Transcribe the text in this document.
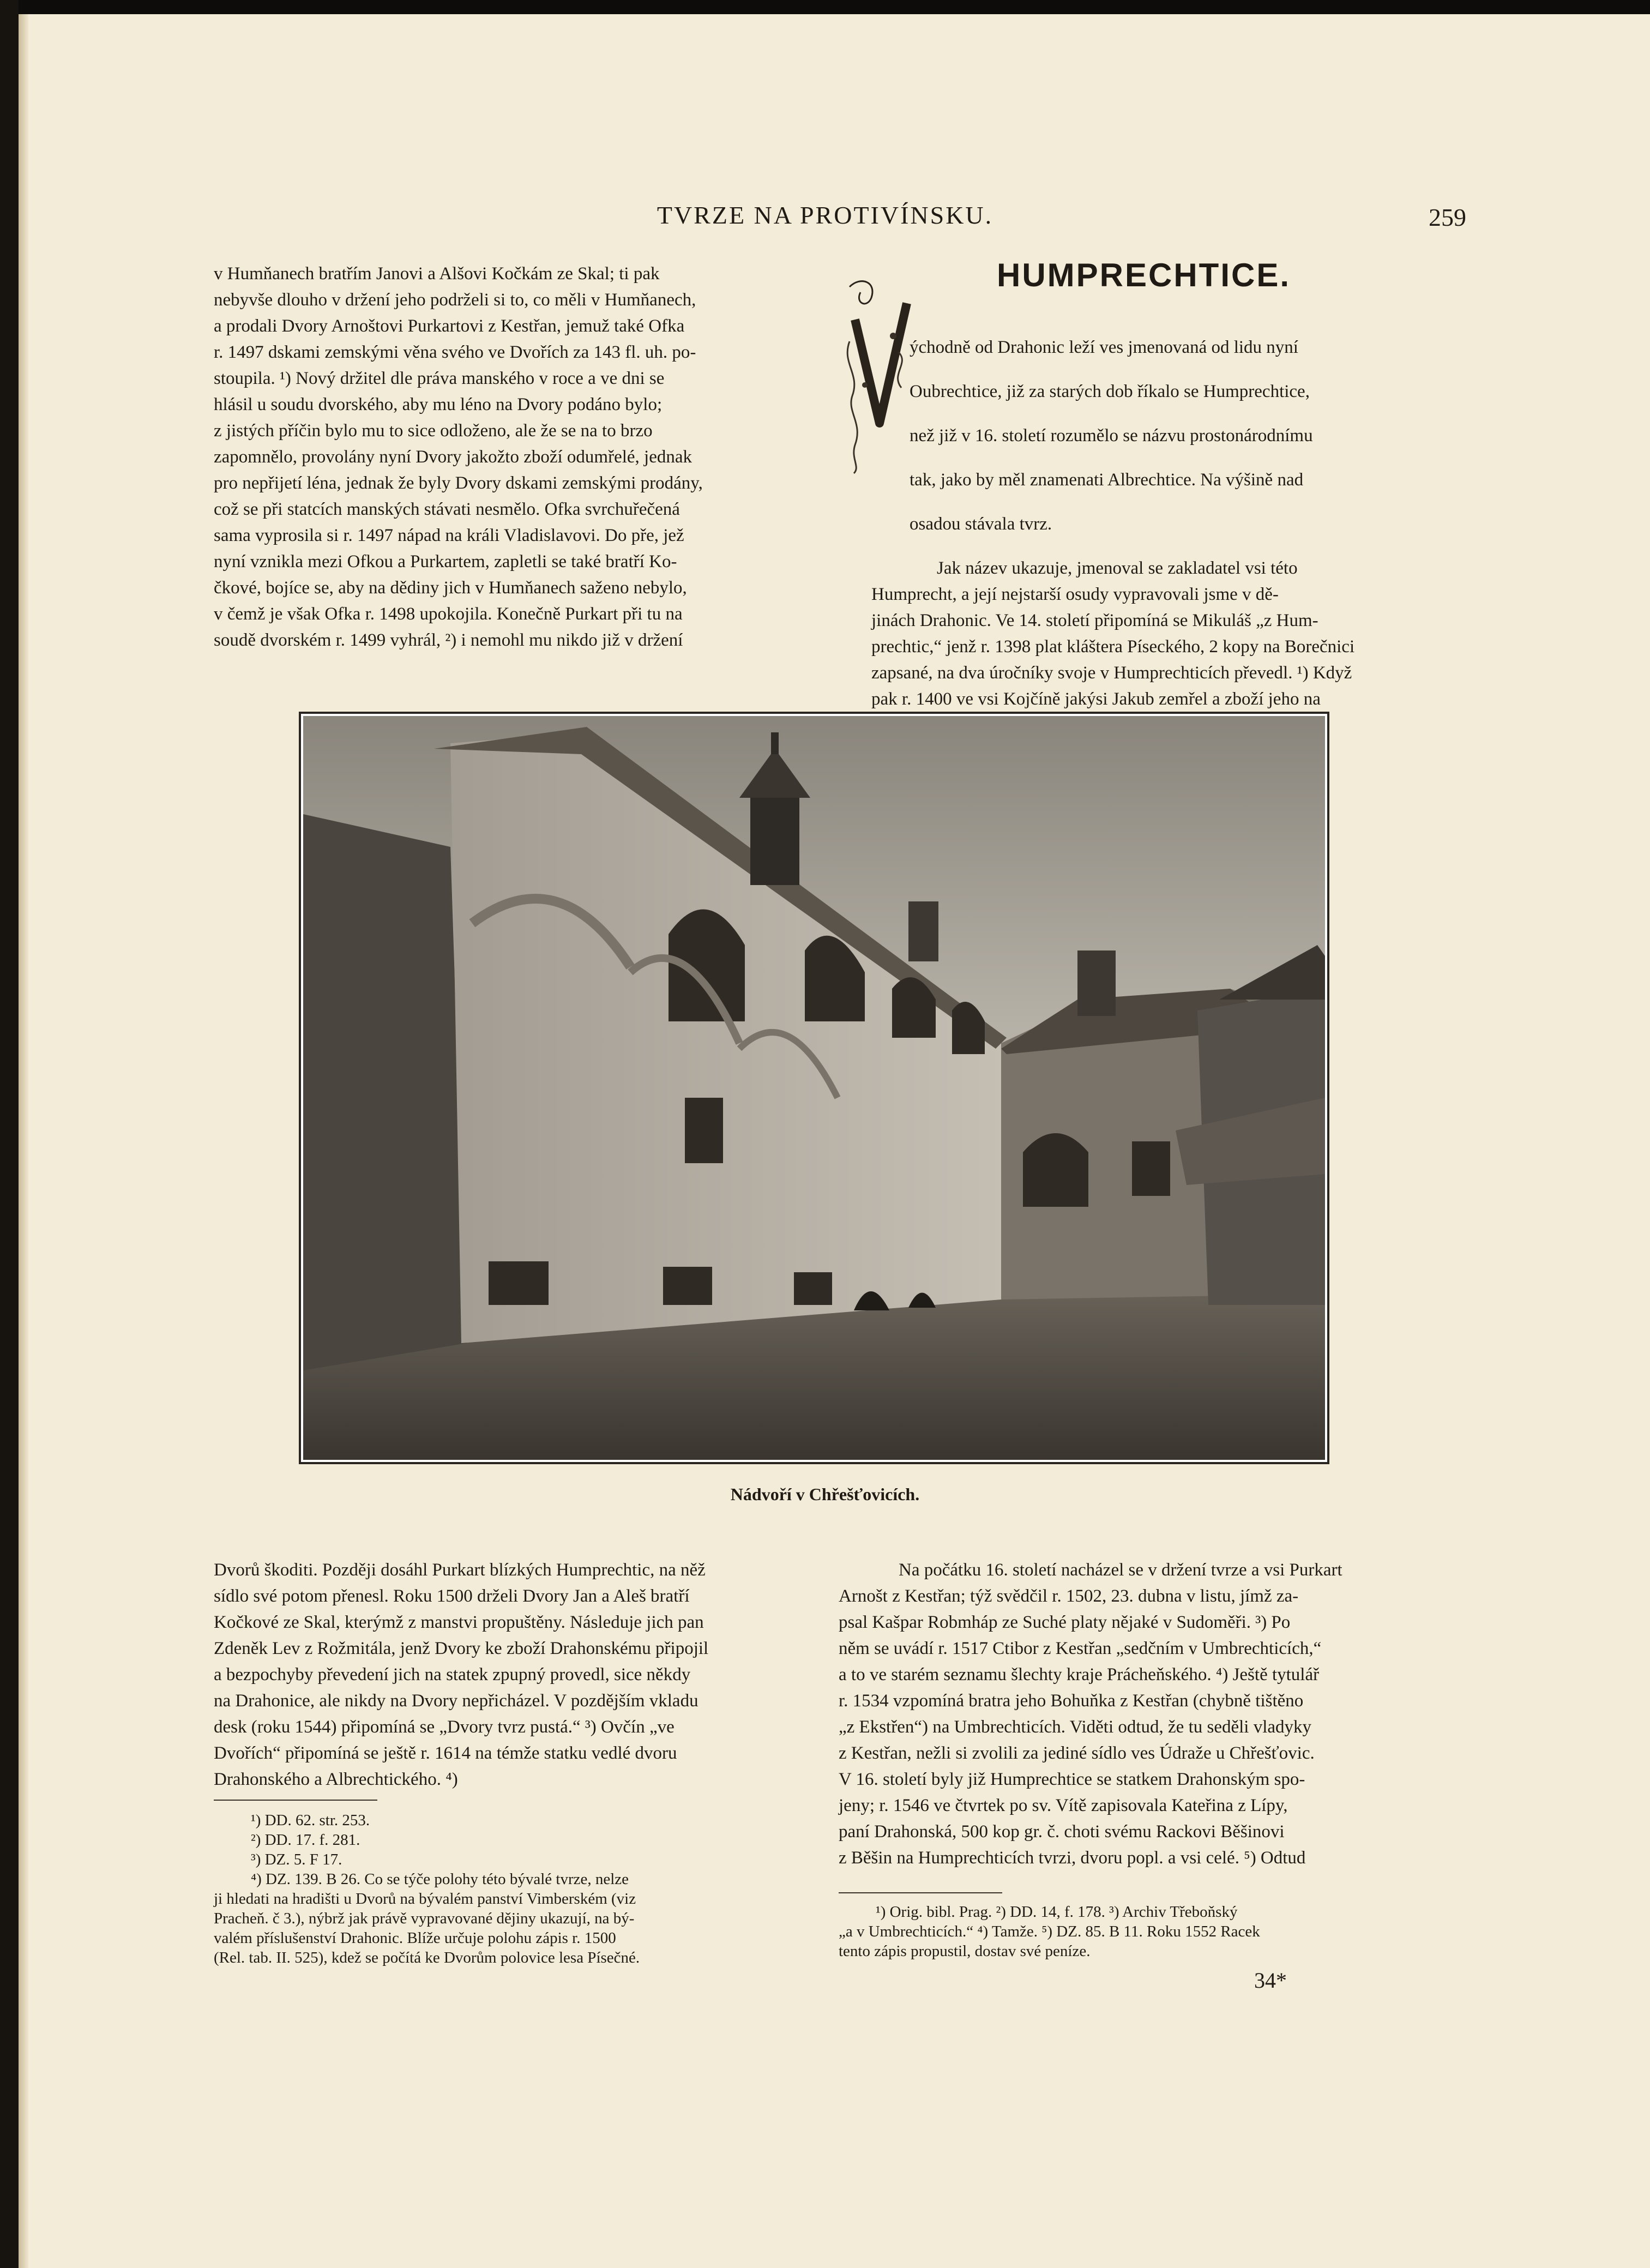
TVRZE NA PROTIVÍNSKU.	259

v Humňanech bratřím Janovi a Alšovi Kočkám ze Skal; ti pak

nebyvše dlouho v držení jeho podrželi si to, co měli v Humňanech,

a prodali Dvory Arnoštovi Purkartovi z Kestřan, jemuž také Ofka

r. 1497 dskami zemskými věna svého ve Dvořích za 143 fl. uh. po-

stoupila. ¹) Nový držitel dle práva manského v roce a ve dni se

hlásil u soudu dvorského, aby mu léno na Dvory podáno bylo;

z jistých příčin bylo mu to sice odloženo, ale že se na to brzo

zapomnělo, provolány nyní Dvory jakožto zboží odumřelé, jednak

pro nepřijetí léna, jednak že byly Dvory dskami zemskými prodány,

což se při statcích manských stávati nesmělo. Ofka svrchuřečená

sama vyprosila si r. 1497 nápad na králi Vladislavovi. Do pře, jež

nyní vznikla mezi Ofkou a Purkartem, zapletli se také bratří Ko-

čkové, bojíce se, aby na dědiny jich v Humňanech saženo nebylo,

v čemž je však Ofka r. 1498 upokojila. Konečně Purkart při tu na

soudě dvorském r. 1499 vyhrál, ²) i nemohl mu nikdo již v držení

HUMPRECHTICE.
V

ýchodně od Drahonic leží ves jmenovaná od lidu nyní

Oubrechtice, již za starých dob říkalo se Humprechtice,

než již v 16. století rozumělo se názvu prostonárodnímu

tak, jako by měl znamenati Albrechtice. Na výšině nad

osadou stávala tvrz.

Jak název ukazuje, jmenoval se zakladatel vsi této

Humprecht, a její nejstarší osudy vypravovali jsme v dě-

jinách Drahonic. Ve 14. století připomíná se Mikuláš „z Hum-

prechtic,“ jenž r. 1398 plat kláštera Píseckého, 2 kopy na Borečnici

zapsané, na dva úročníky svoje v Humprechticích převedl. ¹) Když

pak r. 1400 ve vsi Kojčíně jakýsi Jakub zemřel a zboží jeho na

Nádvoří v Chřešťovicích.

Dvorů škoditi. Později dosáhl Purkart blízkých Humprechtic, na něž

sídlo své potom přenesl. Roku 1500 drželi Dvory Jan a Aleš bratří

Kočkové ze Skal, kterýmž z manstvi propuštěny. Následuje jich pan

Zdeněk Lev z Rožmitála, jenž Dvory ke zboží Drahonskému připojil

a bezpochyby převedení jich na statek zpupný provedl, sice někdy

na Drahonice, ale nikdy na Dvory nepřicházel. V pozdějším vkladu

desk (roku 1544) připomíná se „Dvory tvrz pustá.“ ³) Ovčín „ve

Dvořích“ připomíná se ještě r. 1614 na témže statku vedlé dvoru

Drahonského a Albrechtického. ⁴)

¹) DD. 62. str. 253.

²) DD. 17. f. 281.

³) DZ. 5. F 17.

⁴) DZ. 139. B 26. Co se týče polohy této bývalé tvrze, nelze

ji hledati na hradišti u Dvorů na bývalém panství Vimberském (viz

Pracheň. č 3.), nýbrž jak právě vypravované dějiny ukazují, na bý-

valém příslušenství Drahonic. Blíže určuje polohu zápis r. 1500

(Rel. tab. II. 525), kdež se počítá ke Dvorům polovice lesa Písečné.

Na počátku 16. století nacházel se v držení tvrze a vsi Purkart

Arnošt z Kestřan; týž svědčil r. 1502, 23. dubna v listu, jímž za-

psal Kašpar Robmháp ze Suché platy nějaké v Sudoměři. ³) Po

něm se uvádí r. 1517 Ctibor z Kestřan „sedčním v Umbrechticích,“

a to ve starém seznamu šlechty kraje Prácheňského. ⁴) Ještě tytulář

r. 1534 vzpomíná bratra jeho Bohuňka z Kestřan (chybně tištěno

„z Ekstřen“) na Umbrechticích. Viděti odtud, že tu seděli vladyky

z Kestřan, nežli si zvolili za jediné sídlo ves Údraže u Chřešťovic.

V 16. století byly již Humprechtice se statkem Drahonským spo-

jeny; r. 1546 ve čtvrtek po sv. Vítě zapisovala Kateřina z Lípy,

paní Drahonská, 500 kop gr. č. choti svému Rackovi Běšinovi

z Běšin na Humprechticích tvrzi, dvoru popl. a vsi celé. ⁵) Odtud

¹) Orig. bibl. Prag. ²) DD. 14, f. 178. ³) Archiv Třeboňský

„a v Umbrechticích.“ ⁴) Tamže. ⁵) DZ. 85. B 11. Roku 1552 Racek

tento zápis propustil, dostav své peníze.

34*
